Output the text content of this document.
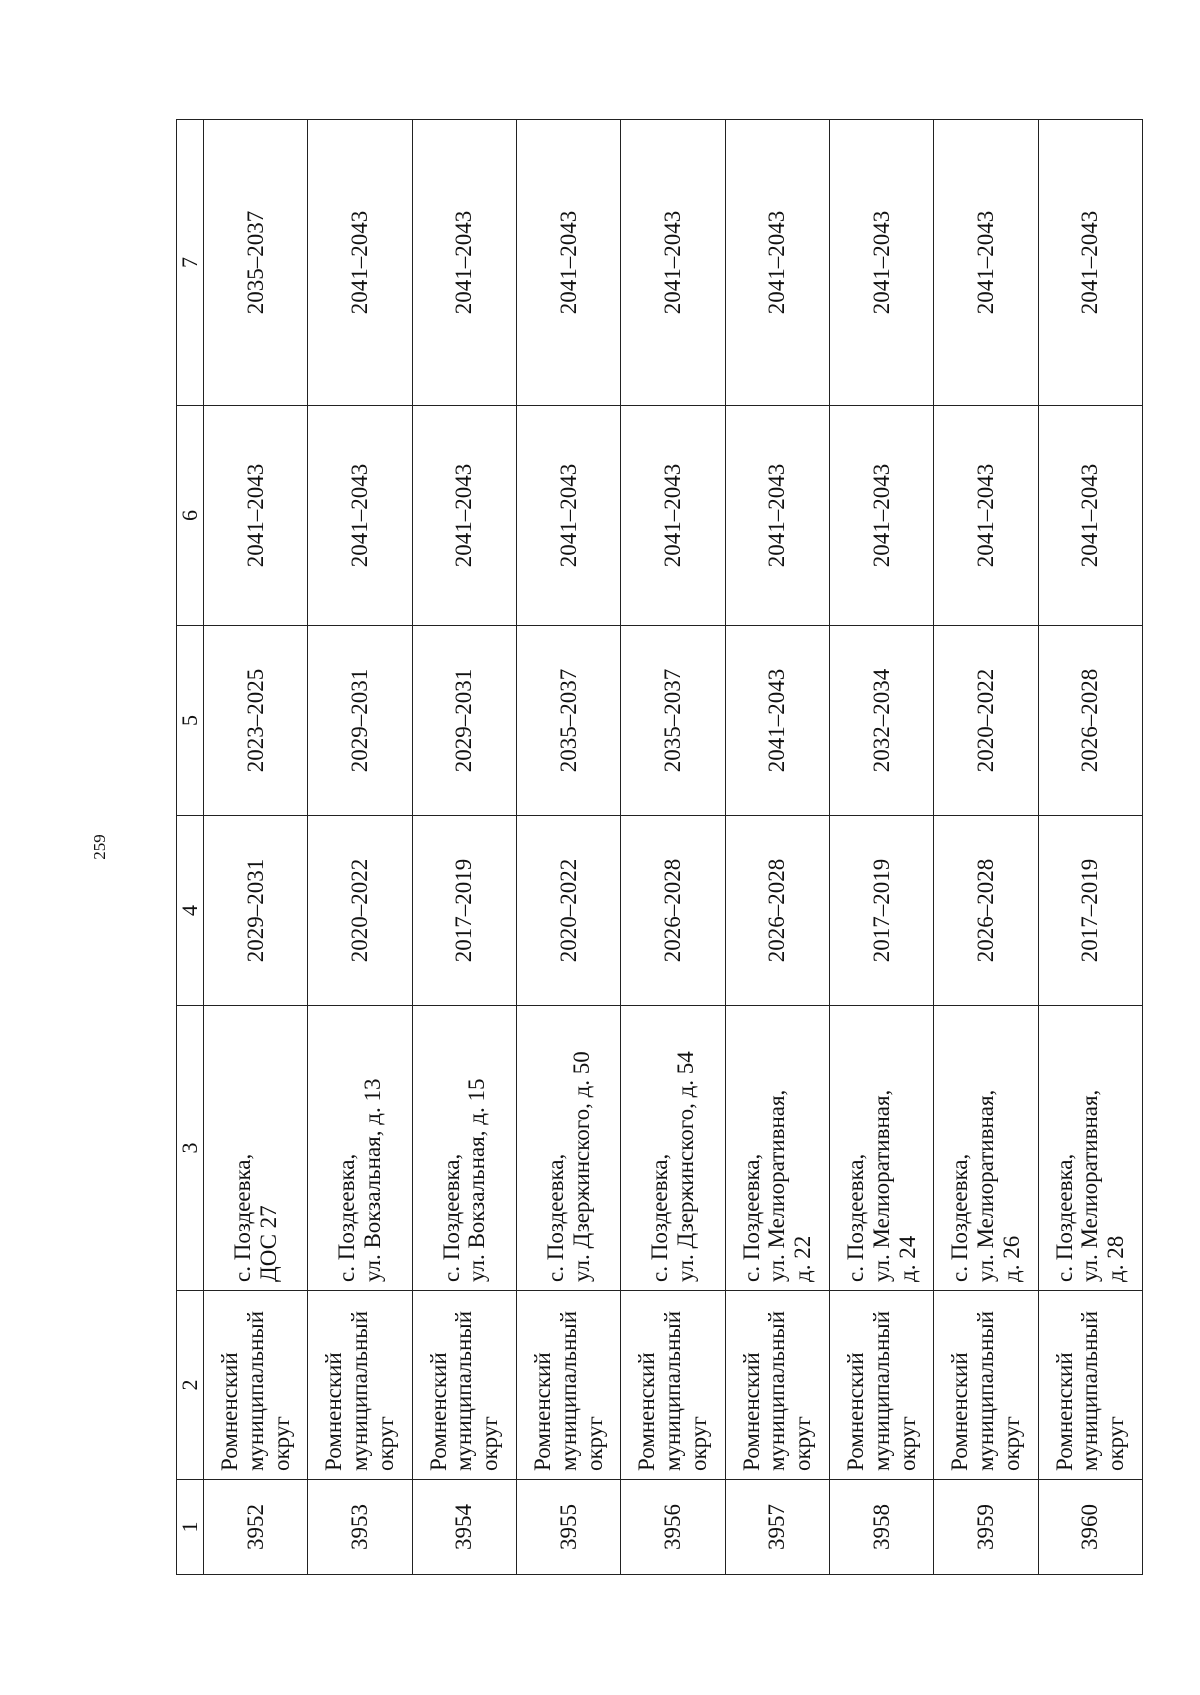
259
1	2	3	4	5	6	7
3952	Ромненский муниципальный округ	с. Поздеевка, ДОС 27	2029–2031	2023–2025	2041–2043	2035–2037
3953	Ромненский муниципальный округ	с. Поздеевка, ул. Вокзальная, д. 13	2020–2022	2029–2031	2041–2043	2041–2043
3954	Ромненский муниципальный округ	с. Поздеевка, ул. Вокзальная, д. 15	2017–2019	2029–2031	2041–2043	2041–2043
3955	Ромненский муниципальный округ	с. Поздеевка, ул. Дзержинского, д. 50	2020–2022	2035–2037	2041–2043	2041–2043
3956	Ромненский муниципальный округ	с. Поздеевка, ул. Дзержинского, д. 54	2026–2028	2035–2037	2041–2043	2041–2043
3957	Ромненский муниципальный округ	с. Поздеевка, ул. Мелиоративная, д. 22	2026–2028	2041–2043	2041–2043	2041–2043
3958	Ромненский муниципальный округ	с. Поздеевка, ул. Мелиоративная, д. 24	2017–2019	2032–2034	2041–2043	2041–2043
3959	Ромненский муниципальный округ	с. Поздеевка, ул. Мелиоративная, д. 26	2026–2028	2020–2022	2041–2043	2041–2043
3960	Ромненский муниципальный округ	с. Поздеевка, ул. Мелиоративная, д. 28	2017–2019	2026–2028	2041–2043	2041–2043
